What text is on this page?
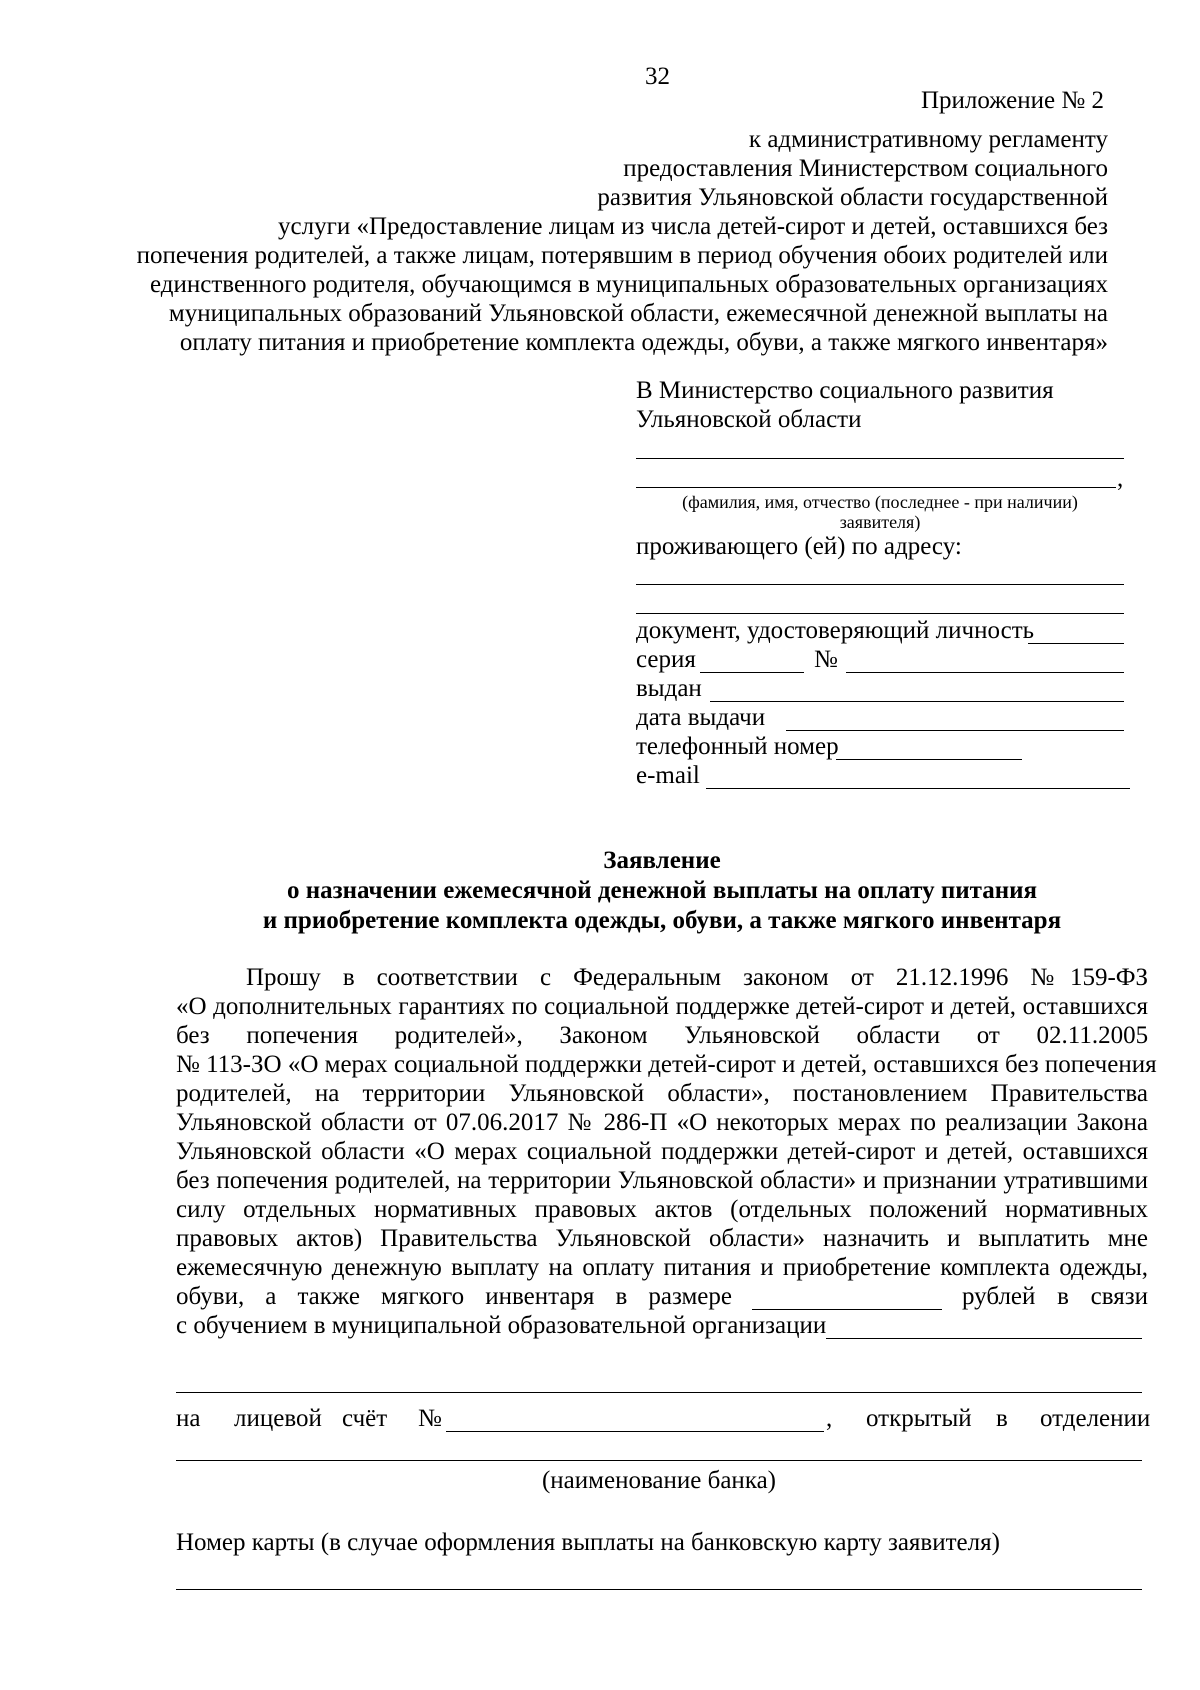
32
Приложение № 2
к административному регламенту
предоставления Министерством социального
развития Ульяновской области государственной
услуги «Предоставление лицам из числа детей-сирот и детей, оставшихся без
попечения родителей, а также лицам, потерявшим в период обучения обоих родителей или
единственного родителя, обучающимся в муниципальных образовательных организациях
муниципальных образований Ульяновской области, ежемесячной денежной выплаты на
оплату питания и приобретение комплекта одежды, обуви, а также мягкого инвентаря»
В Министерство социального развития
Ульяновской области
,
(фамилия, имя, отчество (последнее - при наличии)
заявителя)
проживающего (ей) по адресу:
документ, удостоверяющий личность
серия	№
выдан
дата выдачи
телефонный номер
e-mail
Заявление
о назначении ежемесячной денежной выплаты на оплату питания
и приобретение комплекта одежды, обуви, а также мягкого инвентаря
Прошу в соответствии с Федеральным законом от 21.12.1996 №159-ФЗ
«О дополнительных гарантиях по социальной поддержке детей-сирот и детей, оставшихся
без попечения родителей», Законом Ульяновской области от 02.11.2005
№ 113-ЗО «О мерах социальной поддержки детей-сирот и детей, оставшихся без попечения
родителей, на территории Ульяновской области», постановлением Правительства
Ульяновской области от 07.06.2017 № 286-П «О некоторых мерах по реализации Закона
Ульяновской области «О мерах социальной поддержки детей-сирот и детей, оставшихся
без попечения родителей, на территории Ульяновской области» и признании утратившими
силу отдельных нормативных правовых актов (отдельных положений нормативных
правовых актов) Правительства Ульяновской области» назначить и выплатить мне
ежемесячную денежную выплату на оплату питания и приобретение комплекта одежды,
обуви, а также мягкого инвентаря в размере	рублей в связи
с обучением в муниципальной образовательной организации
на лицевой счёт №	, открытый в отделении
(наименование банка)
Номер карты (в случае оформления выплаты на банковскую карту заявителя)
